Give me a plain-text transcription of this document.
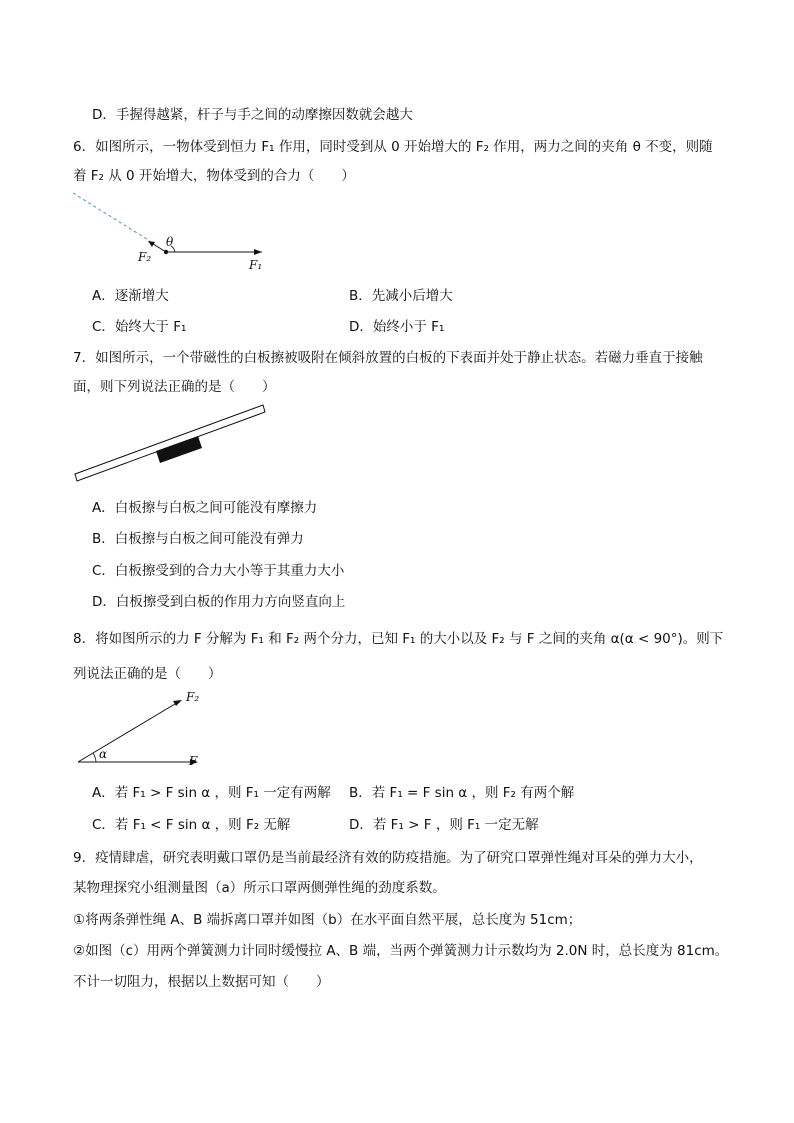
D．手握得越紧，杆子与手之间的动摩擦因数就会越大
6．如图所示，一物体受到恒力 F₁ 作用，同时受到从 0 开始增大的 F₂ 作用，两力之间的夹角 θ 不变，则随
着 F₂ 从 0 开始增大，物体受到的合力（　　）
θ
F₂
F₁
A．逐渐增大	B．先减小后增大
C．始终大于 F₁	D．始终小于 F₁
7．如图所示，一个带磁性的白板擦被吸附在倾斜放置的白板的下表面并处于静止状态。若磁力垂直于接触
面，则下列说法正确的是（　　）
A．白板擦与白板之间可能没有摩擦力
B．白板擦与白板之间可能没有弹力
C．白板擦受到的合力大小等于其重力大小
D．白板擦受到白板的作用力方向竖直向上
8．将如图所示的力 F 分解为 F₁ 和 F₂ 两个分力，已知 F₁ 的大小以及 F₂ 与 F 之间的夹角 α(α < 90°)。则下
列说法正确的是（　　）
F₂
α	F
A．若 F₁ > F sin α ，则 F₁ 一定有两解 B．若 F₁ = F sin α ，则 F₂ 有两个解
C．若 F₁ < F sin α ，则 F₂ 无解	D．若 F₁ > F ，则 F₁ 一定无解
9．疫情肆虐，研究表明戴口罩仍是当前最经济有效的防疫措施。为了研究口罩弹性绳对耳朵的弹力大小，
某物理探究小组测量图（a）所示口罩两侧弹性绳的劲度系数。
①将两条弹性绳 A、B 端拆离口罩并如图（b）在水平面自然平展，总长度为 51cm；
②如图（c）用两个弹簧测力计同时缓慢拉 A、B 端，当两个弹簧测力计示数均为 2.0N 时，总长度为 81cm。
不计一切阻力，根据以上数据可知（　　）
